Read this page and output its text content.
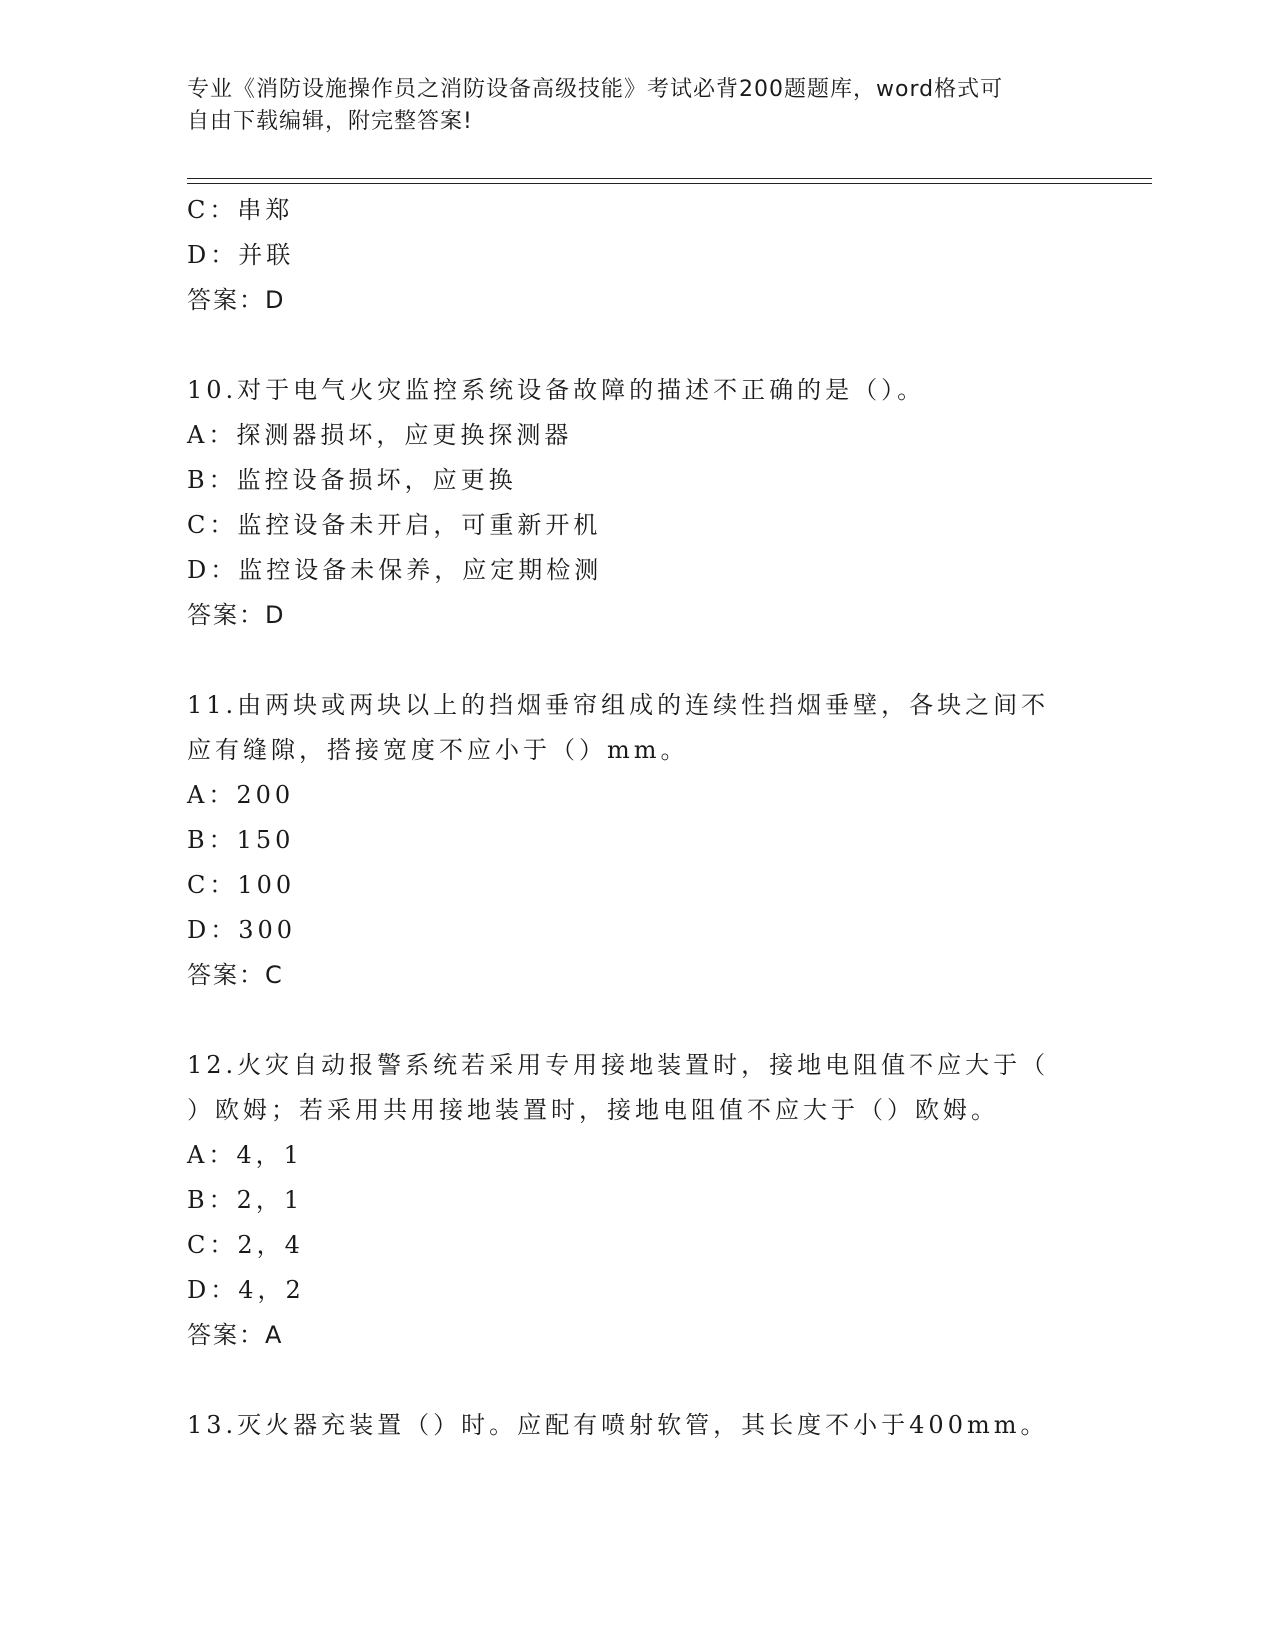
专业《消防设施操作员之消防设备高级技能》考试必背200题题库，word格式可
自由下载编辑，附完整答案!
C：串郑
D：并联
答案：D
10.对于电气火灾监控系统设备故障的描述不正确的是（）。
A：探测器损坏，应更换探测器
B：监控设备损坏，应更换
C：监控设备未开启，可重新开机
D：监控设备未保养，应定期检测
答案：D
11.由两块或两块以上的挡烟垂帘组成的连续性挡烟垂壁，各块之间不
应有缝隙，搭接宽度不应小于（）mm。
A：200
B：150
C：100
D：300
答案：C
12.火灾自动报警系统若采用专用接地装置时，接地电阻值不应大于（
）欧姆；若采用共用接地装置时，接地电阻值不应大于（）欧姆。
A：4，1
B：2，1
C：2，4
D：4，2
答案：A
13.灭火器充装置（）时。应配有喷射软管，其长度不小于400mm。
